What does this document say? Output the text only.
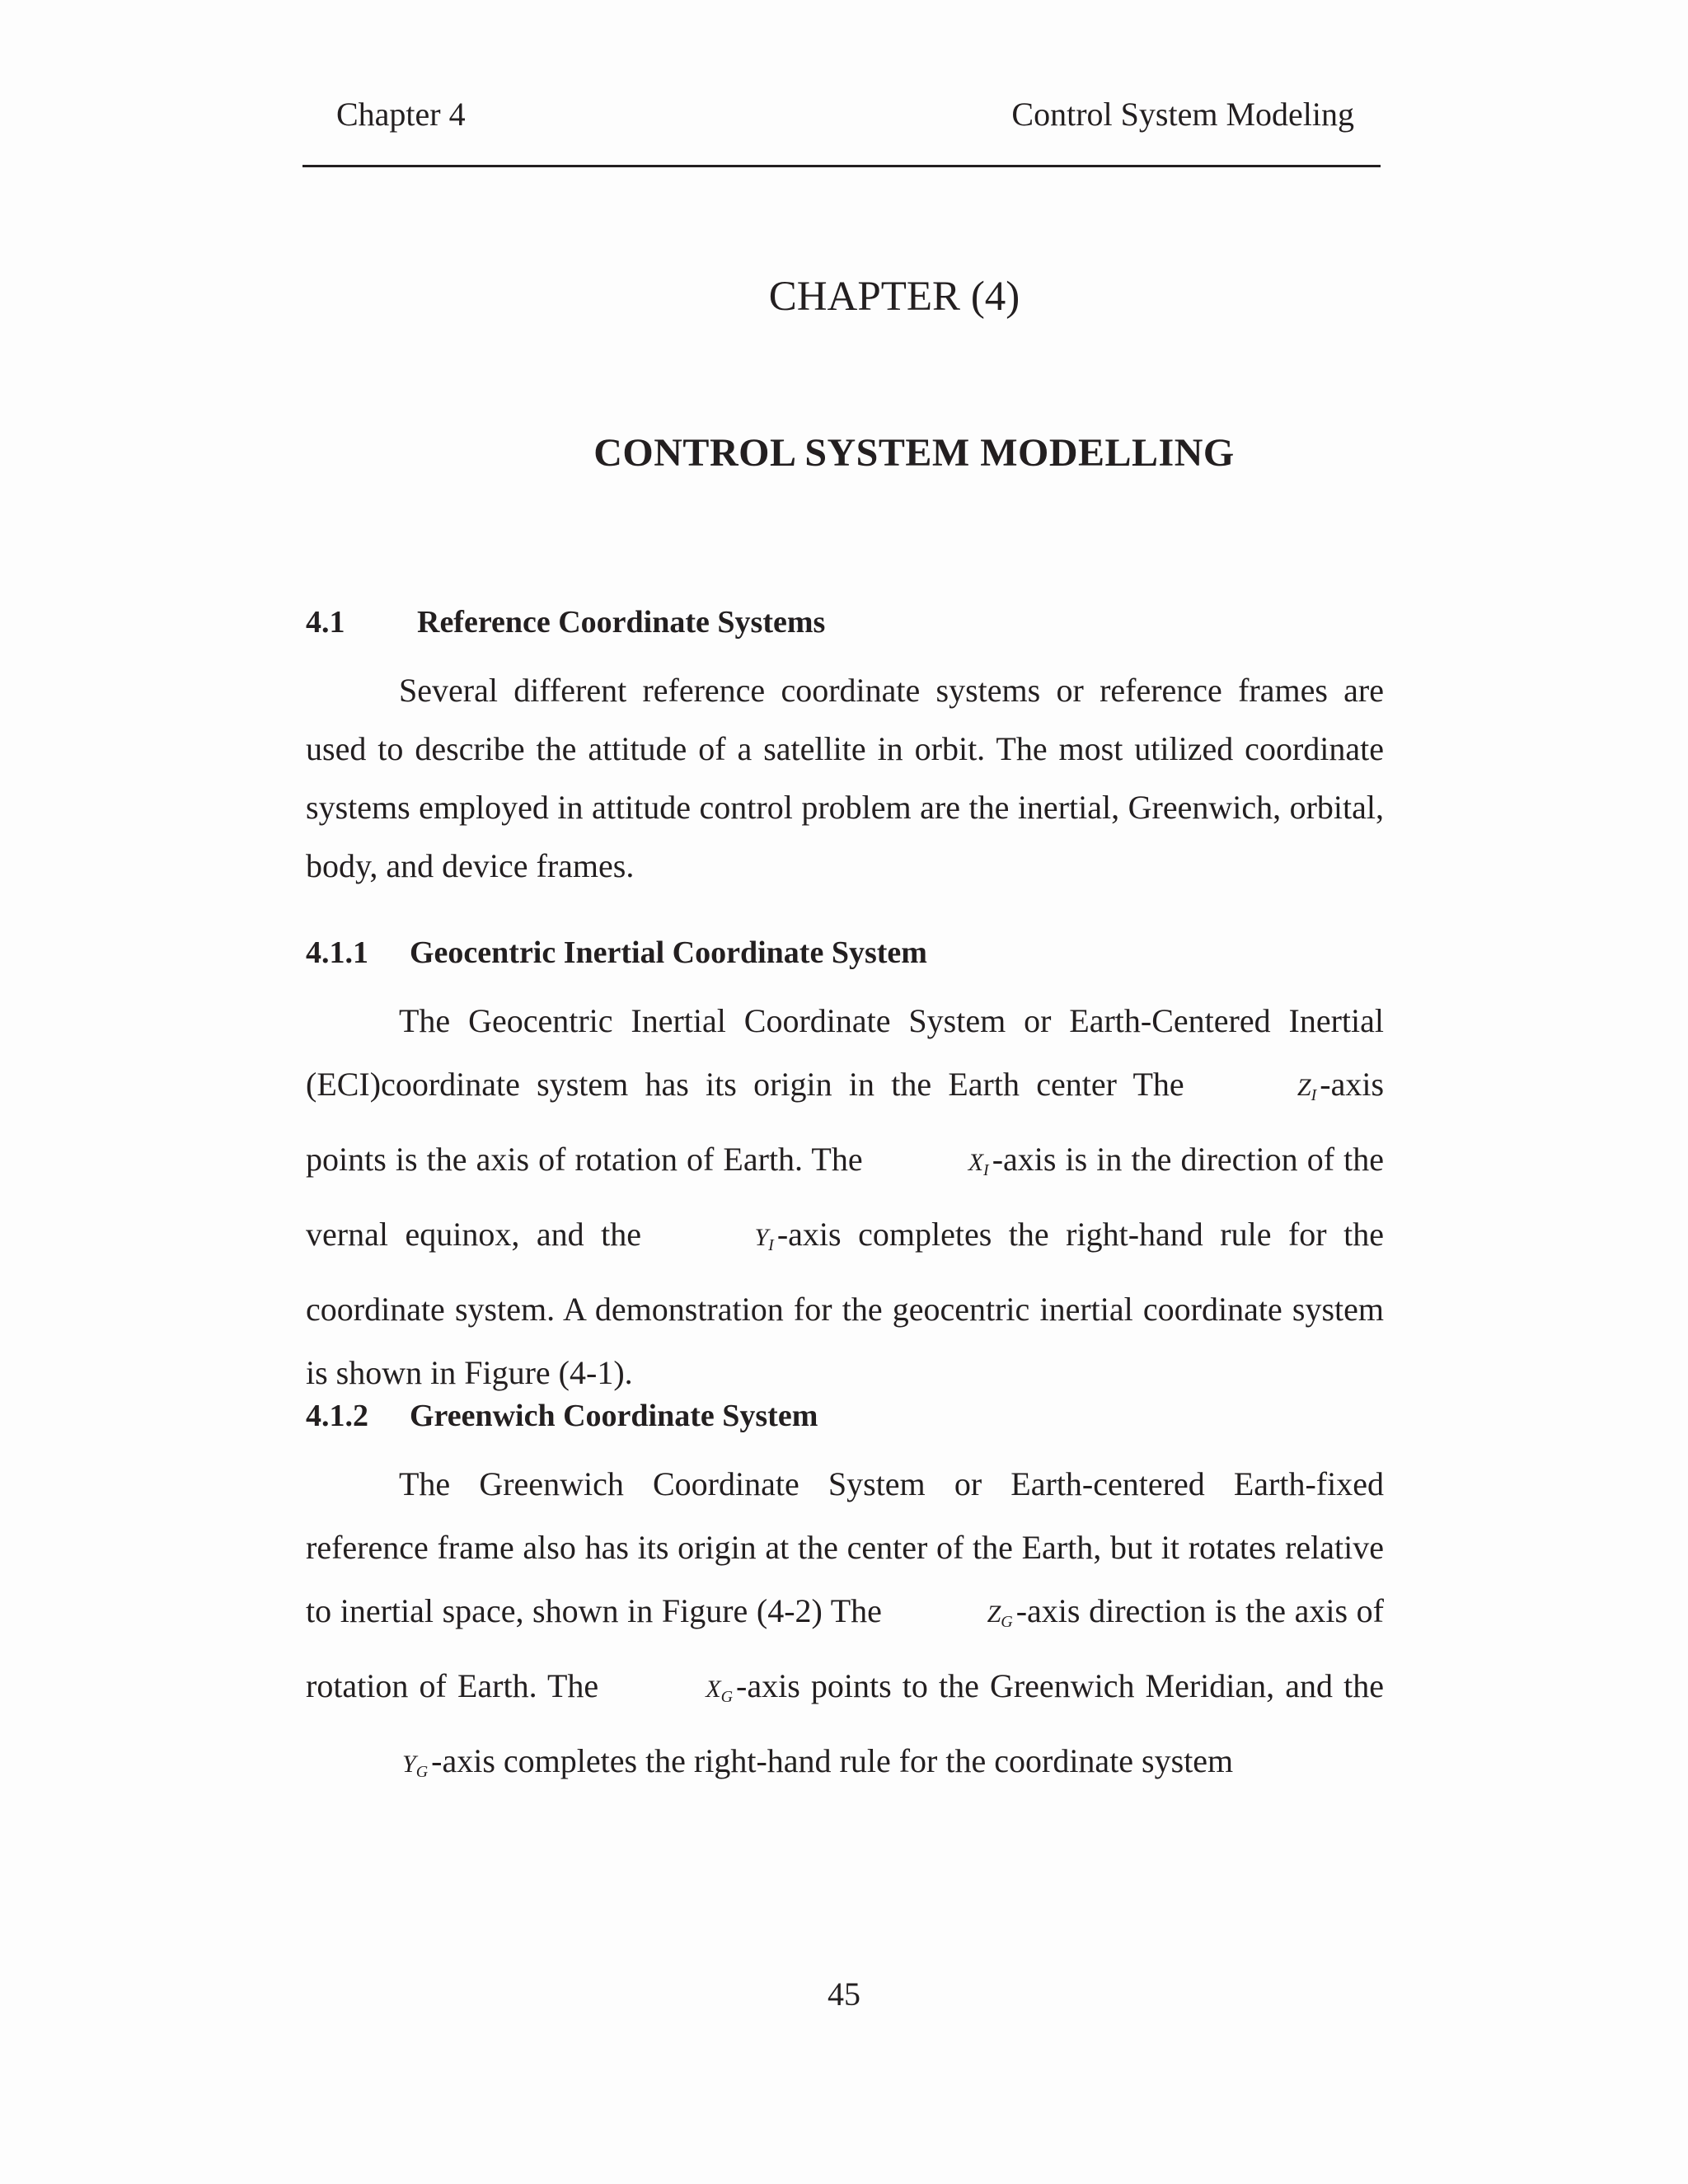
Chapter 4	Control System Modeling
CHAPTER (4)
CONTROL SYSTEM MODELLING
4.1 Reference Coordinate Systems

Several different reference coordinate systems or reference frames are used to describe the attitude of a satellite in orbit. The most utilized coordinate systems employed in attitude control problem are the inertial, Greenwich, orbital, body, and device frames.

4.1.1 Geocentric Inertial Coordinate System

The Geocentric Inertial Coordinate System or Earth-Centered Inertial (ECI)coordinate system has its origin in the Earth center The	$Z_I$ -axis points is the axis of rotation of Earth. The	$X_I$ -axis is in the direction of the vernal equinox, and the	$Y_I$ -axis completes the right-hand rule for the coordinate system. A demonstration for the geocentric inertial coordinate system is shown in Figure (4-1).

4.1.2 Greenwich Coordinate System

The Greenwich Coordinate System or Earth-centered Earth-fixed reference frame also has its origin at the center of the Earth, but it rotates relative to inertial space, shown in Figure (4-2) The	$Z_G$ -axis direction is the axis of rotation of Earth. The	$X_G$ -axis points to the Greenwich Meridian, and the $Y_G$ -axis completes the right-hand rule for the coordinate system

45
